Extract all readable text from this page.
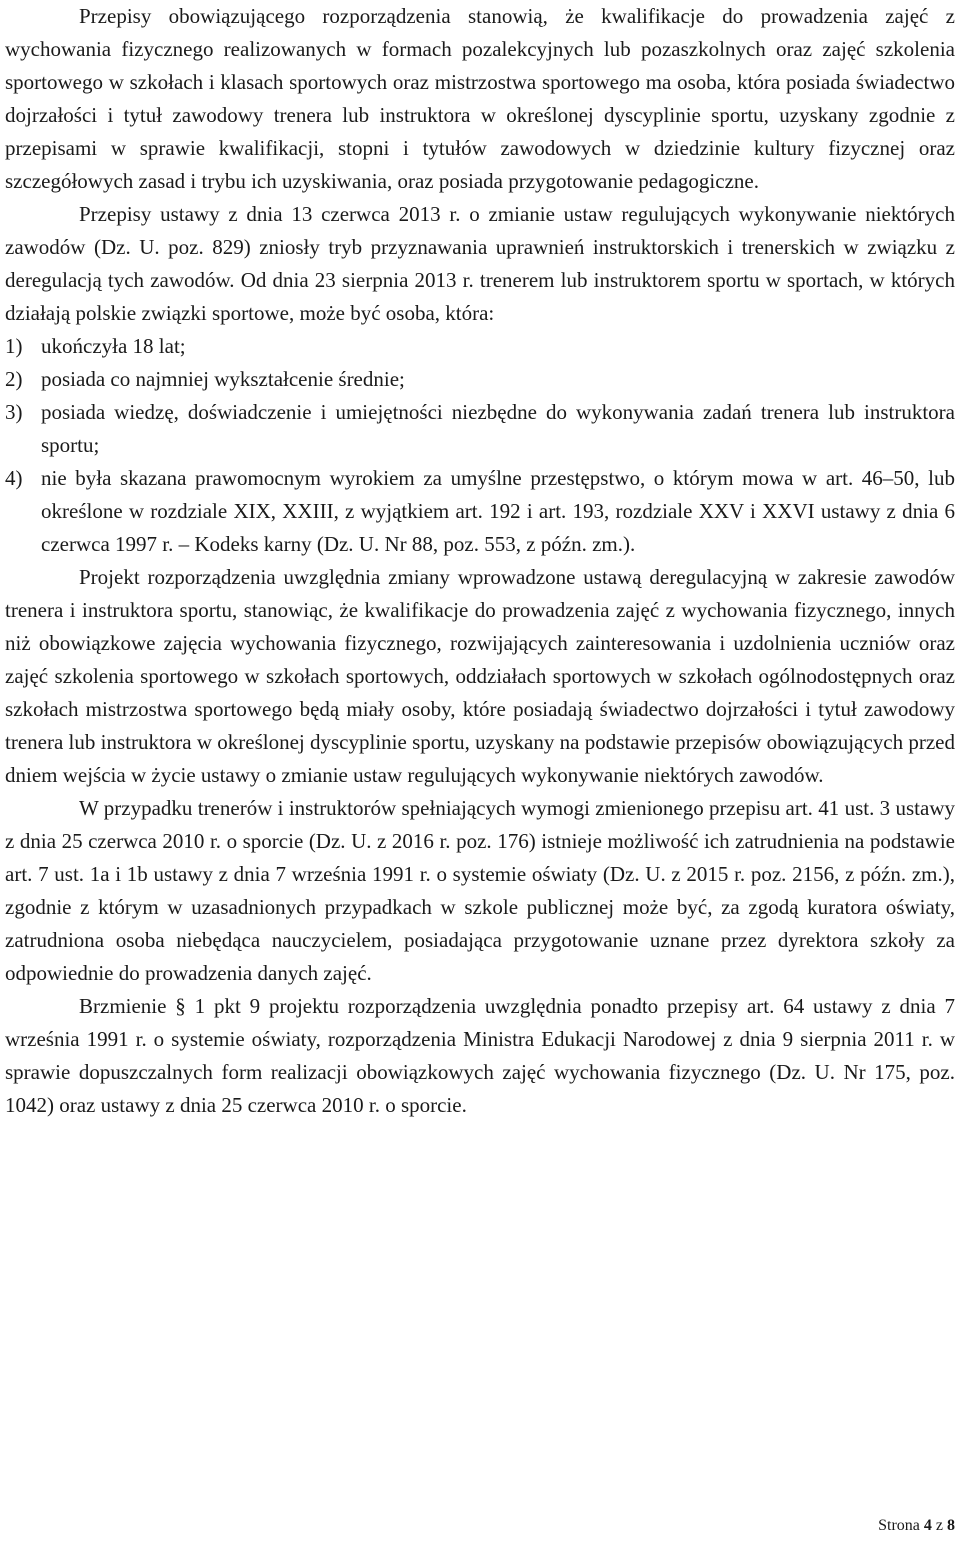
Przepisy obowiązującego rozporządzenia stanowią, że kwalifikacje do prowadzenia zajęć z wychowania fizycznego realizowanych w formach pozalekcyjnych lub pozaszkolnych oraz zajęć szkolenia sportowego w szkołach i klasach sportowych oraz mistrzostwa sportowego ma osoba, która posiada świadectwo dojrzałości i tytuł zawodowy trenera lub instruktora w określonej dyscyplinie sportu, uzyskany zgodnie z przepisami w sprawie kwalifikacji, stopni i tytułów zawodowych w dziedzinie kultury fizycznej oraz szczegółowych zasad i trybu ich uzyskiwania, oraz posiada przygotowanie pedagogiczne.

Przepisy ustawy z dnia 13 czerwca 2013 r. o zmianie ustaw regulujących wykonywanie niektórych zawodów (Dz. U. poz. 829) zniosły tryb przyznawania uprawnień instruktorskich i trenerskich w związku z deregulacją tych zawodów. Od dnia 23 sierpnia 2013 r. trenerem lub instruktorem sportu w sportach, w których działają polskie związki sportowe, może być osoba, która:

1) ukończyła 18 lat;
2) posiada co najmniej wykształcenie średnie;
3) posiada wiedzę, doświadczenie i umiejętności niezbędne do wykonywania zadań trenera lub instruktora sportu;
4) nie była skazana prawomocnym wyrokiem za umyślne przestępstwo, o którym mowa w art. 46–50, lub określone w rozdziale XIX, XXIII, z wyjątkiem art. 192 i art. 193, rozdziale XXV i XXVI ustawy z dnia 6 czerwca 1997 r. – Kodeks karny (Dz. U. Nr 88, poz. 553, z późn. zm.).

Projekt rozporządzenia uwzględnia zmiany wprowadzone ustawą deregulacyjną w zakresie zawodów trenera i instruktora sportu, stanowiąc, że kwalifikacje do prowadzenia zajęć z wychowania fizycznego, innych niż obowiązkowe zajęcia wychowania fizycznego, rozwijających zainteresowania i uzdolnienia uczniów oraz zajęć szkolenia sportowego w szkołach sportowych, oddziałach sportowych w szkołach ogólnodostępnych oraz szkołach mistrzostwa sportowego będą miały osoby, które posiadają świadectwo dojrzałości i tytuł zawodowy trenera lub instruktora w określonej dyscyplinie sportu, uzyskany na podstawie przepisów obowiązujących przed dniem wejścia w życie ustawy o zmianie ustaw regulujących wykonywanie niektórych zawodów.

W przypadku trenerów i instruktorów spełniających wymogi zmienionego przepisu art. 41 ust. 3 ustawy z dnia 25 czerwca 2010 r. o sporcie (Dz. U. z 2016 r. poz. 176) istnieje możliwość ich zatrudnienia na podstawie art. 7 ust. 1a i 1b ustawy z dnia 7 września 1991 r. o systemie oświaty (Dz. U. z 2015 r. poz. 2156, z późn. zm.), zgodnie z którym w uzasadnionych przypadkach w szkole publicznej może być, za zgodą kuratora oświaty, zatrudniona osoba niebędąca nauczycielem, posiadająca przygotowanie uznane przez dyrektora szkoły za odpowiednie do prowadzenia danych zajęć.

Brzmienie § 1 pkt 9 projektu rozporządzenia uwzględnia ponadto przepisy art. 64 ustawy z dnia 7 września 1991 r. o systemie oświaty, rozporządzenia Ministra Edukacji Narodowej z dnia 9 sierpnia 2011 r. w sprawie dopuszczalnych form realizacji obowiązkowych zajęć wychowania fizycznego (Dz. U. Nr 175, poz. 1042) oraz ustawy z dnia 25 czerwca 2010 r. o sporcie.

Strona 4 z 8
